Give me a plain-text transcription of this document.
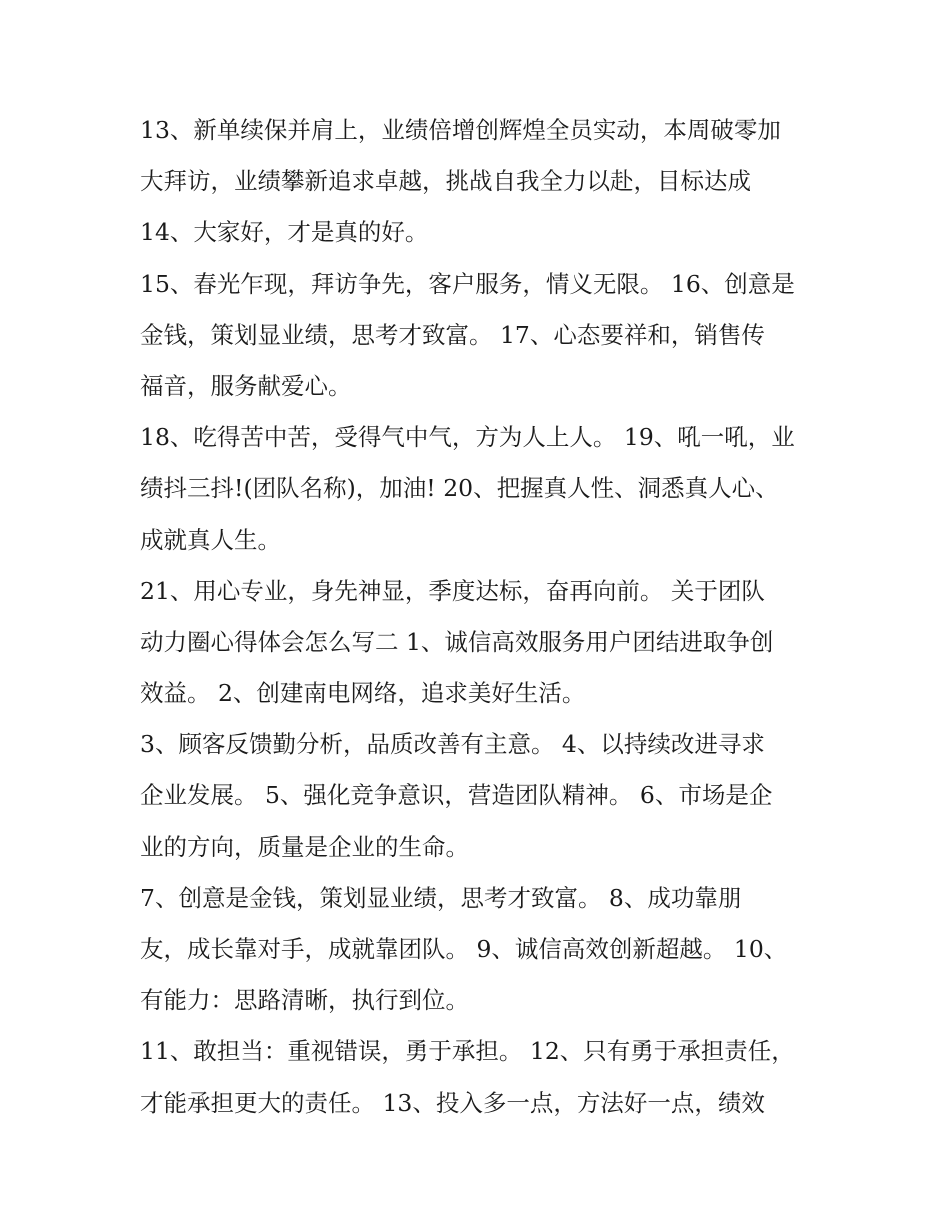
13、新单续保并肩上，业绩倍增创辉煌全员实动，本周破零加
大拜访，业绩攀新追求卓越，挑战自我全力以赴，目标达成
14、大家好，才是真的好。
15、春光乍现，拜访争先，客户服务，情义无限。 16、创意是
金钱，策划显业绩，思考才致富。 17、心态要祥和，销售传
福音，服务献爱心。
18、吃得苦中苦，受得气中气，方为人上人。 19、吼一吼，业
绩抖三抖!(团队名称)，加油! 20、把握真人性、洞悉真人心、
成就真人生。
21、用心专业，身先神显，季度达标，奋再向前。 关于团队
动力圈心得体会怎么写二 1、诚信高效服务用户团结进取争创
效益。 2、创建南电网络，追求美好生活。
3、顾客反馈勤分析，品质改善有主意。 4、以持续改进寻求
企业发展。 5、强化竞争意识，营造团队精神。 6、市场是企
业的方向，质量是企业的生命。
7、创意是金钱，策划显业绩，思考才致富。 8、成功靠朋
友，成长靠对手，成就靠团队。 9、诚信高效创新超越。 10、
有能力：思路清晰，执行到位。
11、敢担当：重视错误，勇于承担。 12、只有勇于承担责任，
才能承担更大的责任。 13、投入多一点，方法好一点，绩效
